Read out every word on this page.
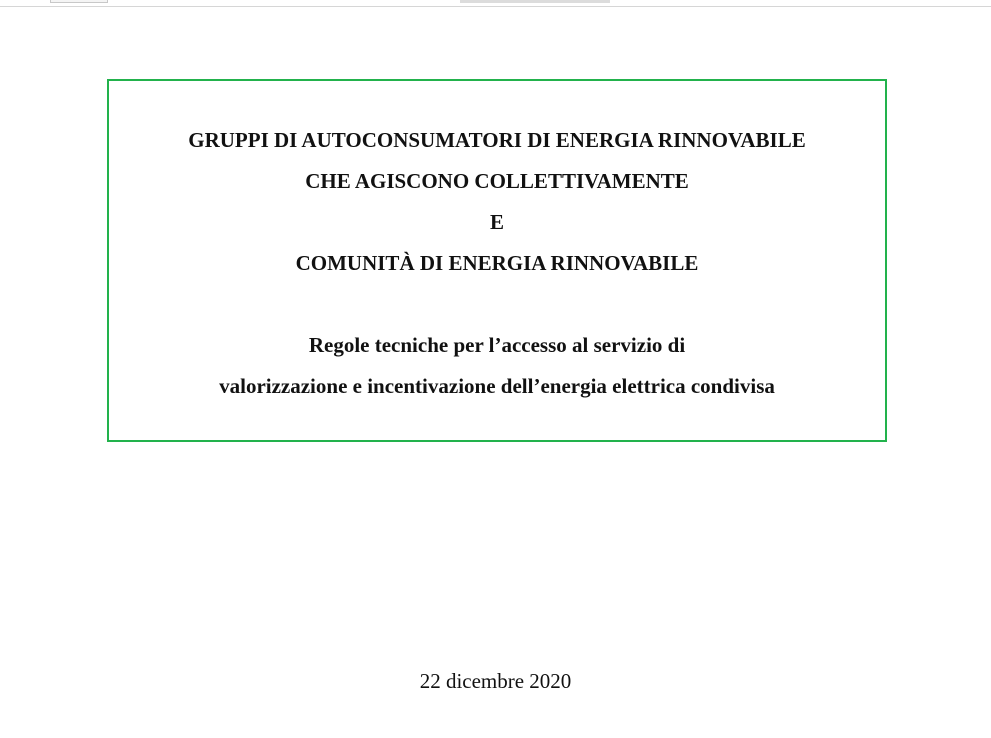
GRUPPI DI AUTOCONSUMATORI DI ENERGIA RINNOVABILE
CHE AGISCONO COLLETTIVAMENTE
E
COMUNITÀ DI ENERGIA RINNOVABILE
Regole tecniche per l’accesso al servizio di
valorizzazione e incentivazione dell’energia elettrica condivisa
22 dicembre 2020
